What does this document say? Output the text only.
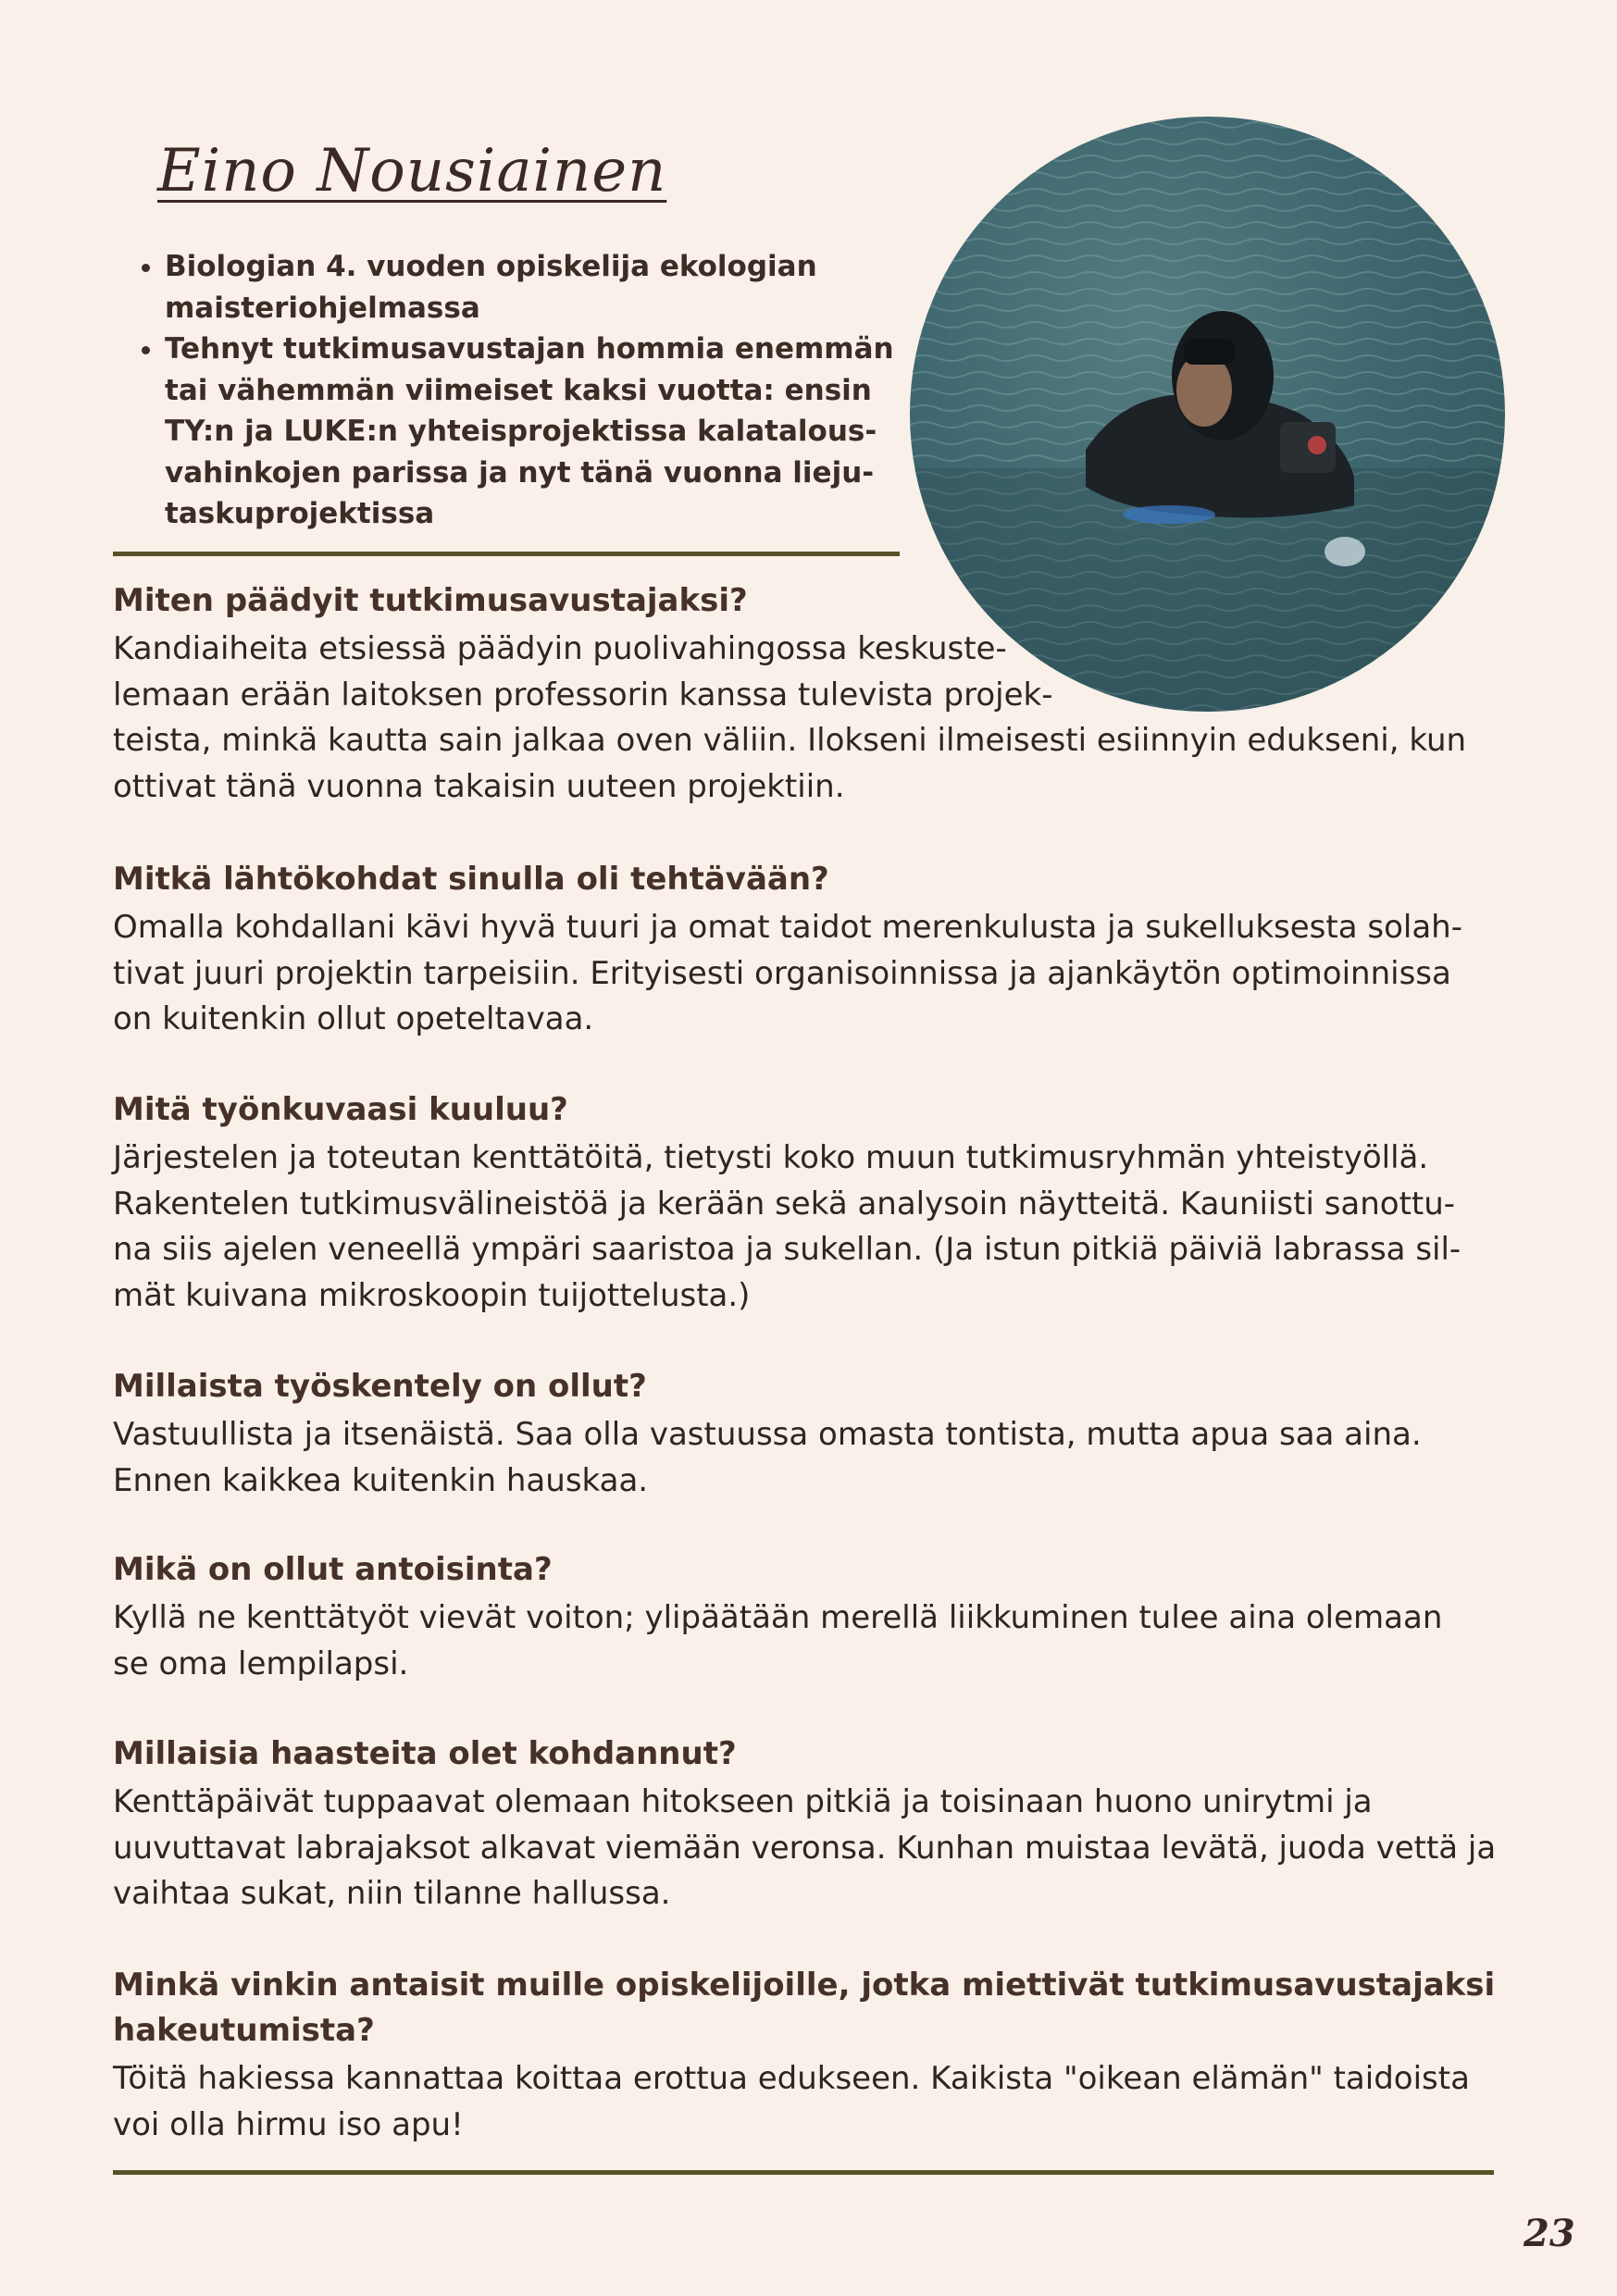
Eino Nousiainen
• Biologian 4. vuoden opiskelija ekologian maisteriohjelmassa
• Tehnyt tutkimusavustajan hommia enemmän tai vähemmän viimeiset kaksi vuotta: ensin TY:n ja LUKE:n yhteisprojektissa kalatalous-vahinkojen parissa ja nyt tänä vuonna lieju-taskuprojektissa
Miten päädyit tutkimusavustajaksi?
Kandiaiheita etsiessä päädyin puolivahingossa keskuste-
lemaan erään laitoksen professorin kanssa tulevista projek-
teista, minkä kautta sain jalkaa oven väliin. Ilokseni ilmeisesti esiinnyin edukseni, kun
ottivat tänä vuonna takaisin uuteen projektiin.
Mitkä lähtökohdat sinulla oli tehtävään?
Omalla kohdallani kävi hyvä tuuri ja omat taidot merenkulusta ja sukelluksesta solah-
tivat juuri projektin tarpeisiin. Erityisesti organisoinnissa ja ajankäytön optimoinnissa
on kuitenkin ollut opeteltavaa.
Mitä työnkuvaasi kuuluu?
Järjestelen ja toteutan kenttätöitä, tietysti koko muun tutkimusryhmän yhteistyöllä.
Rakentelen tutkimusvälineistöä ja kerään sekä analysoin näytteitä. Kauniisti sanottu-
na siis ajelen veneellä ympäri saaristoa ja sukellan. (Ja istun pitkiä päiviä labrassa sil-
mät kuivana mikroskoopin tuijottelusta.)
Millaista työskentely on ollut?
Vastuullista ja itsenäistä. Saa olla vastuussa omasta tontista, mutta apua saa aina.
Ennen kaikkea kuitenkin hauskaa.
Mikä on ollut antoisinta?
Kyllä ne kenttätyöt vievät voiton; ylipäätään merellä liikkuminen tulee aina olemaan
se oma lempilapsi.
Millaisia haasteita olet kohdannut?
Kenttäpäivät tuppaavat olemaan hitokseen pitkiä ja toisinaan huono unirytmi ja
uuvuttavat labrajaksot alkavat viemään veronsa. Kunhan muistaa levätä, juoda vettä ja
vaihtaa sukat, niin tilanne hallussa.
Minkä vinkin antaisit muille opiskelijoille, jotka miettivät tutkimusavustajaksi hakeutumista?
Töitä hakiessa kannattaa koittaa erottua edukseen. Kaikista "oikean elämän" taidoista
voi olla hirmu iso apu!
23
